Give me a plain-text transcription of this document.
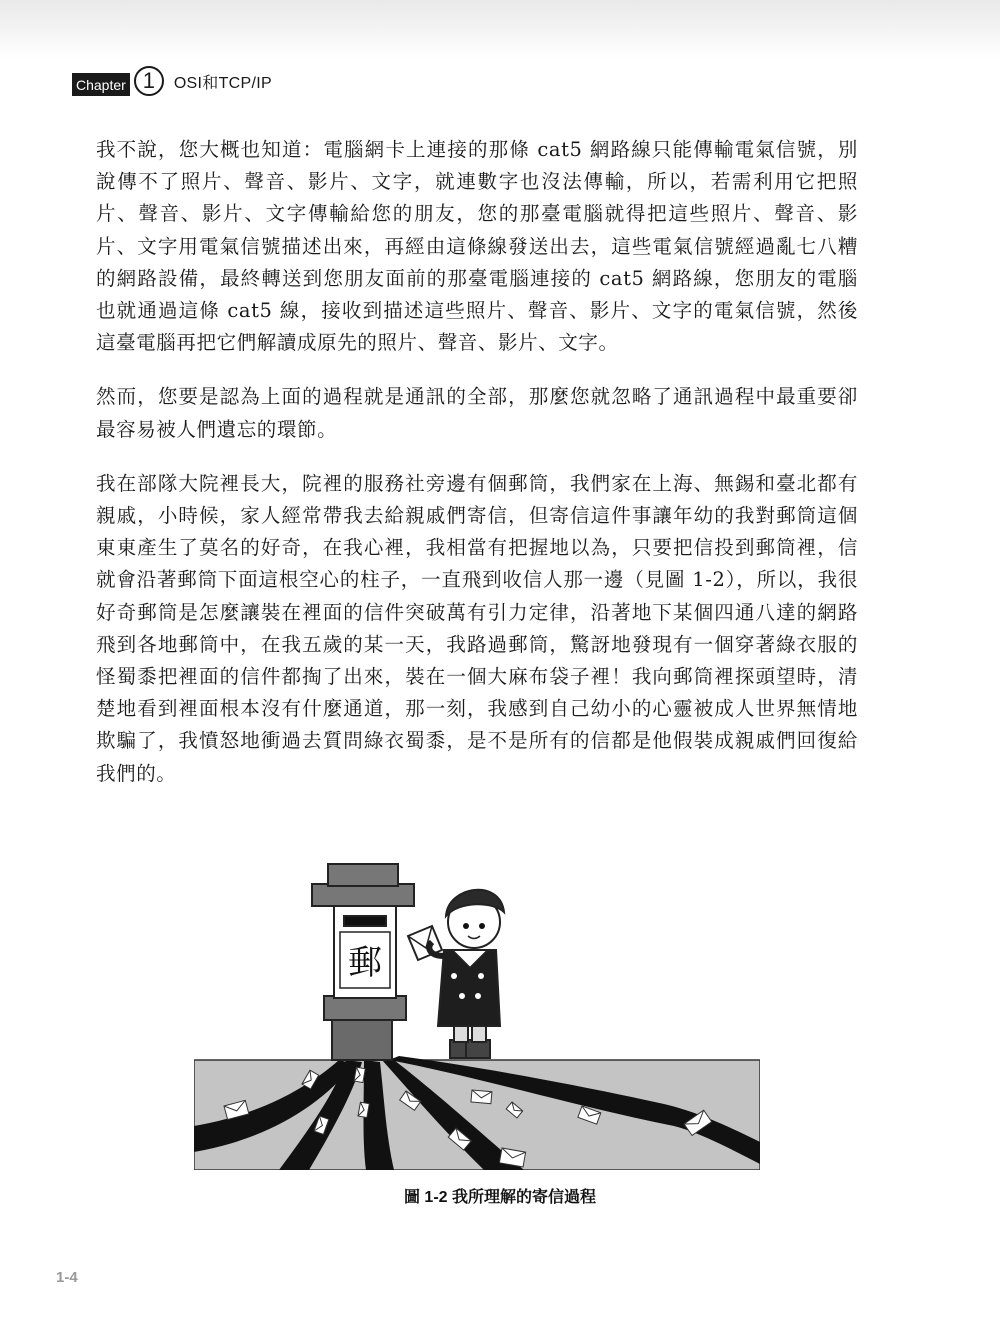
Chapter 1	OSI和TCP/IP

我不說，您大概也知道：電腦網卡上連接的那條 cat5 網路線只能傳輸電氣信號，別說傳不了照片、聲音、影片、文字，就連數字也沒法傳輸，所以，若需利用它把照片、聲音、影片、文字傳輸給您的朋友，您的那臺電腦就得把這些照片、聲音、影片、文字用電氣信號描述出來，再經由這條線發送出去，這些電氣信號經過亂七八糟的網路設備，最終轉送到您朋友面前的那臺電腦連接的 cat5 網路線，您朋友的電腦也就通過這條 cat5 線，接收到描述這些照片、聲音、影片、文字的電氣信號，然後這臺電腦再把它們解讀成原先的照片、聲音、影片、文字。

然而，您要是認為上面的過程就是通訊的全部，那麼您就忽略了通訊過程中最重要卻最容易被人們遺忘的環節。

我在部隊大院裡長大，院裡的服務社旁邊有個郵筒，我們家在上海、無錫和臺北都有親戚，小時候，家人經常帶我去給親戚們寄信，但寄信這件事讓年幼的我對郵筒這個東東產生了莫名的好奇，在我心裡，我相當有把握地以為，只要把信投到郵筒裡，信就會沿著郵筒下面這根空心的柱子，一直飛到收信人那一邊（見圖 1-2），所以，我很好奇郵筒是怎麼讓裝在裡面的信件突破萬有引力定律，沿著地下某個四通八達的網路飛到各地郵筒中，在我五歲的某一天，我路過郵筒，驚訝地發現有一個穿著綠衣服的怪蜀黍把裡面的信件都掏了出來，裝在一個大麻布袋子裡！我向郵筒裡探頭望時，清楚地看到裡面根本沒有什麼通道，那一刻，我感到自己幼小的心靈被成人世界無情地欺騙了，我憤怒地衝過去質問綠衣蜀黍，是不是所有的信都是他假裝成親戚們回復給我們的。

郵
圖 1-2 我所理解的寄信過程
1-4
